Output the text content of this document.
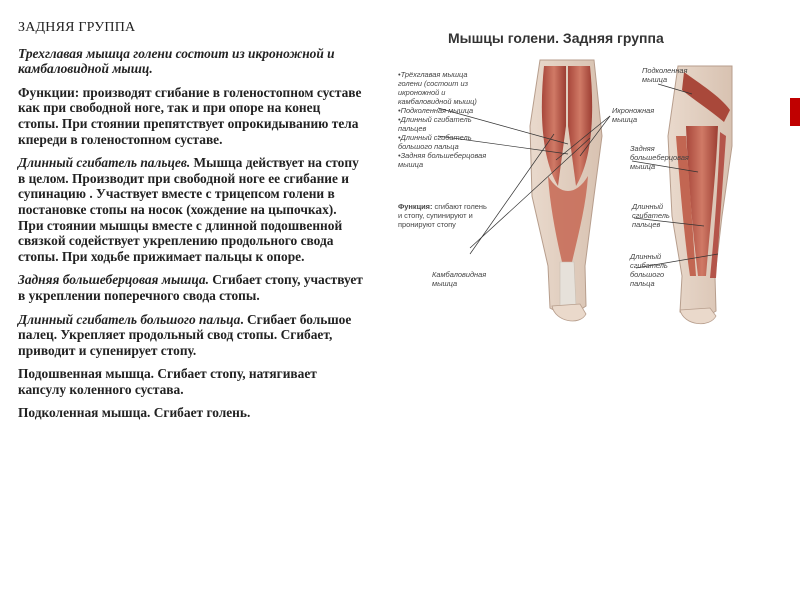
ЗАДНЯЯ ГРУППА

Трехглавая мышца голени состоит из икроножной и камбаловидной мышц.

Функции: производят сгибание в голеностопном суставе как при свободной ноге, так и при опоре на конец стопы. При стоянии препятствует опрокидыванию тела кпереди в голеностопном суставе.

Длинный сгибатель пальцев. Мышца действует на стопу в целом. Производит при свободной ноге ее сгибание и супинацию . Участвует вместе с трицепсом голени в постановке стопы на носок (хождение на цыпочках). При стоянии мышцы вместе с длинной подошвенной связкой содействует укреплению продольного свода стопы. При ходьбе прижимает пальцы к опоре.

Задняя большеберцовая мышца. Сгибает стопу, участвует в укреплении поперечного свода стопы.

Длинный сгибатель большого пальца. Сгибает большое палец. Укрепляет продольный свод стопы. Сгибает, приводит и супенирует стопу.

Подошвенная мышца. Сгибает стопу, натягивает капсулу коленного сустава.

Подколенная мышца. Сгибает голень.

Мышцы голени. Задняя группа
•Трёхглавая мышца
голени (состоит из
икроножной и
камбаловидной мышц)
•Подколенная мышца
•Длинный сгибатель
пальцев
•Длинный сгибатель
большого пальца
•Задняя большеберцовая
мышца
Функция: сгибают голень
и стопу, супинируют и
пронируют стопу
Камбаловидная
мышца
Икроножная
мышца
Подколенная
мышца
Задняя
большеберцовая
мышца
Длинный
сгибатель
пальцев
Длинный
сгибатель
большого
пальца
